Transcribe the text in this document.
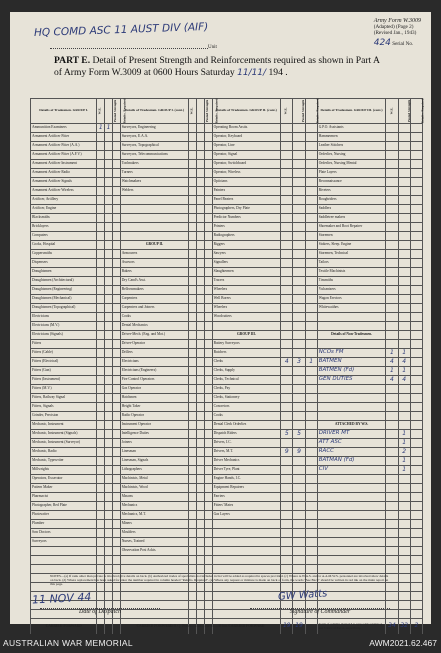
HQ COMD ASC 11 AUST DIV (AIF)
Unit
Army Form W.3009
(Adapted) (Page 2)
(Revised Jan., 1943)
424 Serial No.
PART E. Detail of Present Strength and Reinforcements required as shown in Part A of Army Form W.3009 at 0600 Hours Saturday 11/11/ 194 .
Details of Tradesmen. GROUP I.	W.E.	Posted Strength	Reinfts. Required	Details of Tradesmen. GROUP I. (cont.)	W.E.	Posted Strength	Reinfts. Required	Details of Tradesmen. GROUP II. (cont.)	W.E.	Posted Strength	Reinfts. Required	Details of Tradesmen. GROUP III. (cont.)	W.E.	Posted Strength	Reinfts. Required
Ammunition Examiners	1	1		Surveyors, Engineering				Operating Room Asstts.				G.P.O. Assistants			
Armament Artificer Fitter				Surveyors, E.A.A.				Operator, Keyboard				Hammermen			
Armament Artificer Fitter (A.A.)				Surveyors, Topographical				Operator, Line				Leather Stitchers			
Armament Artificer Fitter (A.F.V.)				Surveyors, Telecommunications				Operator, Signal				Orderlies, Nursing			
Armament Artificer Instrument				Toolmakers				Operator, Switchboard				Orderlies, Nursing Mental			
Armament Artificer Radio				Turners				Operator, Wireless				Plate Layers			
Armament Artificer Signals				Watchmakers				Opticians				Reconnaissance			
Armament Artificer Wireless				Welders				Painters				Riveters			
Artificer, Artillery								Panel Beaters				Roughriders			
Artificer, Engine								Photographers, Dry Plate				Saddlers			
Blacksmiths								Predictor Numbers				Saddletree makers			
Bricklayers								Printers				Shoemaker and Boot Repairer			
Computers								Radiographers				Storemen			
Cooks, Hospital				GROUP II.				Riggers				Stokers, Sleep. Engine			
Coppersmiths				Armourers				Sawyers				Storemen, Technical			
Dispensers				Assesors				Signallers				Tailors			
Draughtsmen				Bakers				Slaughtermen				Textile Machinists			
Draughtsmen (Architectural)				Dry Cand's Asst.				Tracers				Tinsmiths			
Draughtsmen (Engineering)				Bellrowmakers				Wheelers				Vulcanizers			
Draughtsmen (Mechanical)				Carpenters				Well Borers				Wagon Erectors			
Draughtsmen (Topographical)				Carpenters and Joiners				Wheelers				Whitewaithes			
Electricians				Cooks				Woodcutters							
Electricians (M.V.)				Dental Mechanics											
Electricians (Signals)				Driver-Mech. (Eng. and Mot.)				GROUP III.				Details of Non-Tradesmen.			
Fitters				Driver-Operator				Battery Surveyors							
Fitters (Cable)				Drillers				Butchers				NCOs FM	1	1	
Fitters (Electrical)				Electricians				Clerks	4	3	1	BATMEN	4	4	
Fitters (Gun)				Electricians (Engineers)				Clerks, Supply				BATMEN (Fd)	1	1	
Fitters (Instrument)				Fire Control Operators				Clerks, Technical				GEN DUTIES	4	4	
Fitters (M.V.)				Gas Operator				Clerks, Pay							
Fitters, Railway Signal				Hatchmen				Clerks, Stationery							
Fitters, Signals				Height Taker				Concretors							
Grinder, Precision				Radio Operator				Cooks							
Mechanic, Instrument				Instrument Operator				Dental Clerk Orderlies				ATTACHED BY W.S.			
Mechanic, Instrument (Signals)				Intelligence Duties				Dispatch Riders	5	5		DRIVER MT		1	
Mechanic, Instrument (Surveyor)				Joiners				Drivers, I.C.				ATT ASC		1	
Mechanic, Radio				Linesman				Drivers, M.T.	9	9		RACC		2	
Mechanic, Typewriter				Linesman, Signals				Driver Mechanics				BATMAN (Fd)		1	
Millwrights				Lithographers				Driver Tyre, Plant				CIV		1	
Operators, Excavator				Machinists, Metal				Engine Hands, I.C.							
Pattern Maker				Machinists, Wood				Equipment Repairers							
Pharmacist				Masons				Farriers							
Photographer, Red Plate				Mechanics				Fitters' Mates							
Photowriter				Mechanics, M.T.				Gas Layers							
Plumber				Miners											
Saw Doctors				Moulders											
Surveyors				Nurses, Trained											
				Observation Post Ackts.											

CARRIED FORWARD				CARRIED FORWARD				CARRIED FORWARD	19	19		Totals of columns marked * to agree with columns 4 and 5 and 1 of Part A, respectively.	34	32	2
NOTES—(a) If rank other than private is involved give details on back. (b) Authorized trades of specialists not included in list will be added as required in spaces provided. (c) Where A.W.A.S. and/or A.A.M.W.S. personnel are involved show details on back. (d) Where replacement has been asked for enter the number required in column headed "Reinfts. Required". (e) Where any request or mixture is made on back of form, the words "See Back" should be written in red ink on the main report on this page.
11 NOV 44
Date of Despatch
GW Watts
Signature of Commander
L.H.Q. Press—234—10/43—416m.
AUSTRALIAN WAR MEMORIAL	AWM2021.62.467
